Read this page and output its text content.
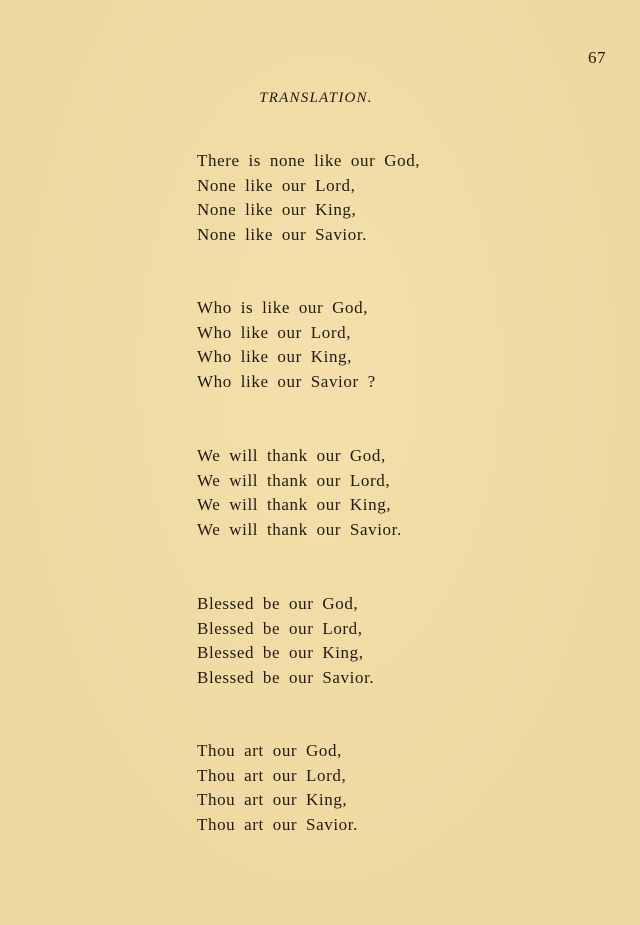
67
TRANSLATION.
There is none like our God,
None like our Lord,
None like our King,
None like our Savior.
Who is like our God,
Who like our Lord,
Who like our King,
Who like our Savior ?
We will thank our God,
We will thank our Lord,
We will thank our King,
We will thank our Savior.
Blessed be our God,
Blessed be our Lord,
Blessed be our King,
Blessed be our Savior.
Thou art our God,
Thou art our Lord,
Thou art our King,
Thou art our Savior.
